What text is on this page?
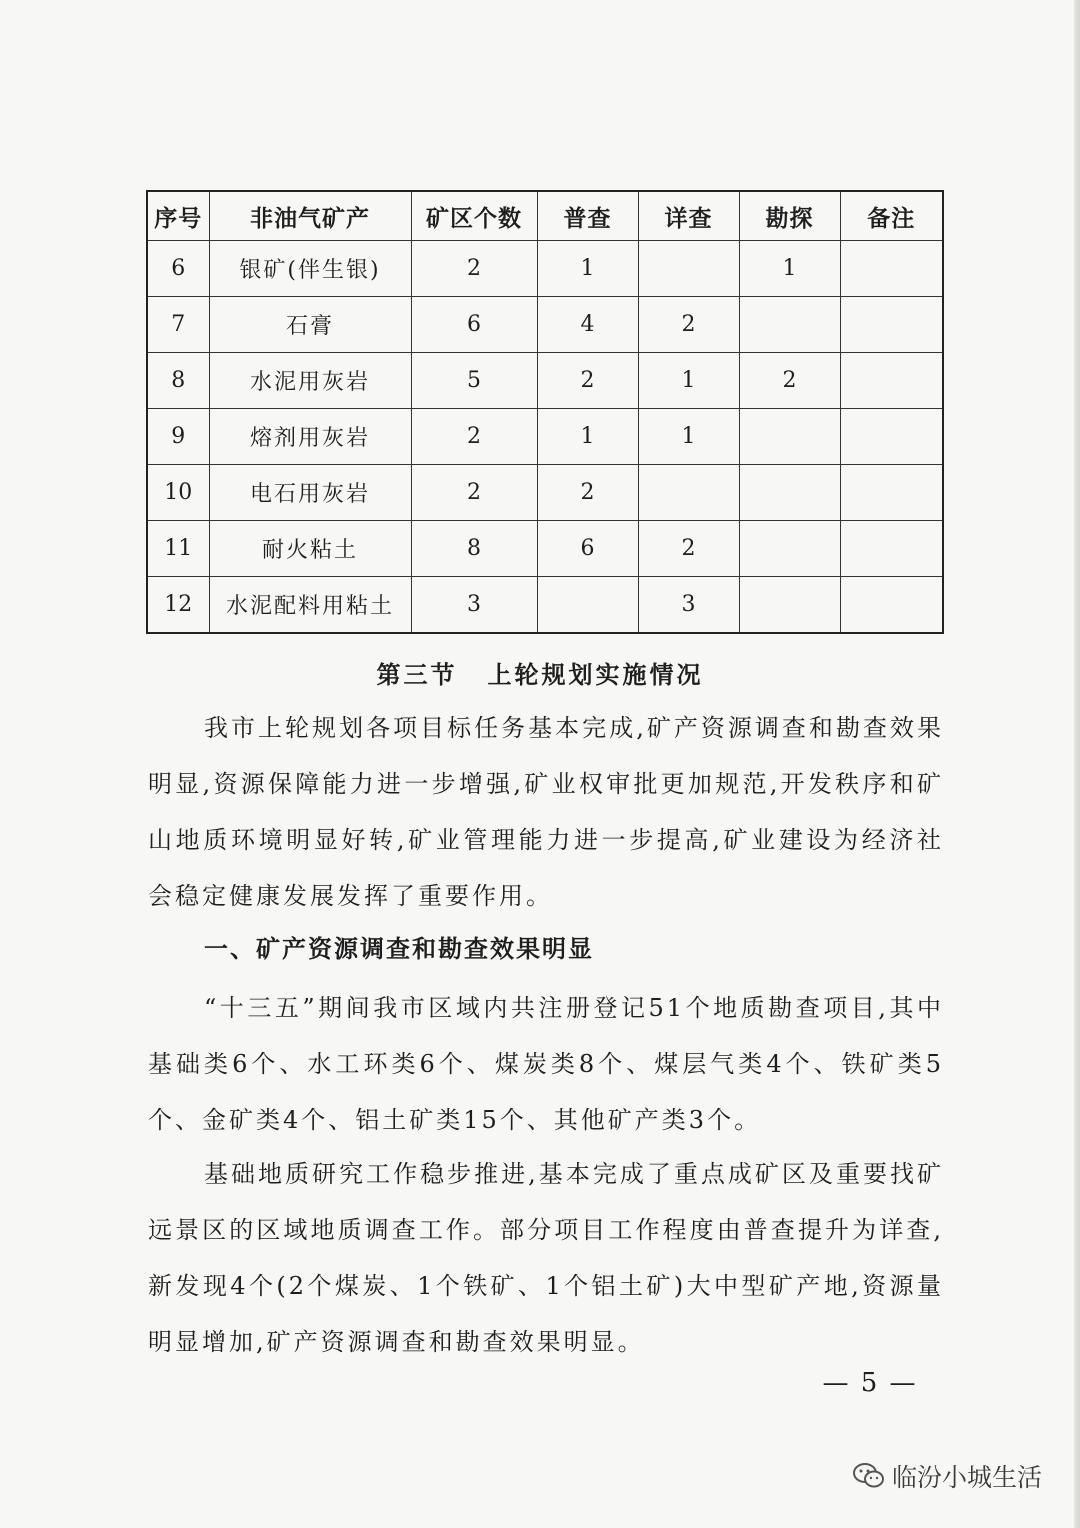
序号	非油气矿产	矿区个数	普查	详查	勘探	备注
6	银矿(伴生银)	2	1		1	
7	石膏	6	4	2		
8	水泥用灰岩	5	2	1	2	
9	熔剂用灰岩	2	1	1		
10	电石用灰岩	2	2			
11	耐火粘土	8	6	2		
12	水泥配料用粘土	3		3		
第三节 上轮规划实施情况

我市上轮规划各项目标任务基本完成,矿产资源调查和勘查效果明显,资源保障能力进一步增强,矿业权审批更加规范,开发秩序和矿山地质环境明显好转,矿业管理能力进一步提高,矿业建设为经济社会稳定健康发展发挥了重要作用。

一、矿产资源调查和勘查效果明显

“十三五”期间我市区域内共注册登记51个地质勘查项目,其中基础类6个、水工环类6个、煤炭类8个、煤层气类4个、铁矿类5个、金矿类4个、铝土矿类15个、其他矿产类3个。

基础地质研究工作稳步推进,基本完成了重点成矿区及重要找矿远景区的区域地质调查工作。部分项目工作程度由普查提升为详查,新发现4个(2个煤炭、1个铁矿、1个铝土矿)大中型矿产地,资源量明显增加,矿产资源调查和勘查效果明显。

— 5 —
临汾小城生活
